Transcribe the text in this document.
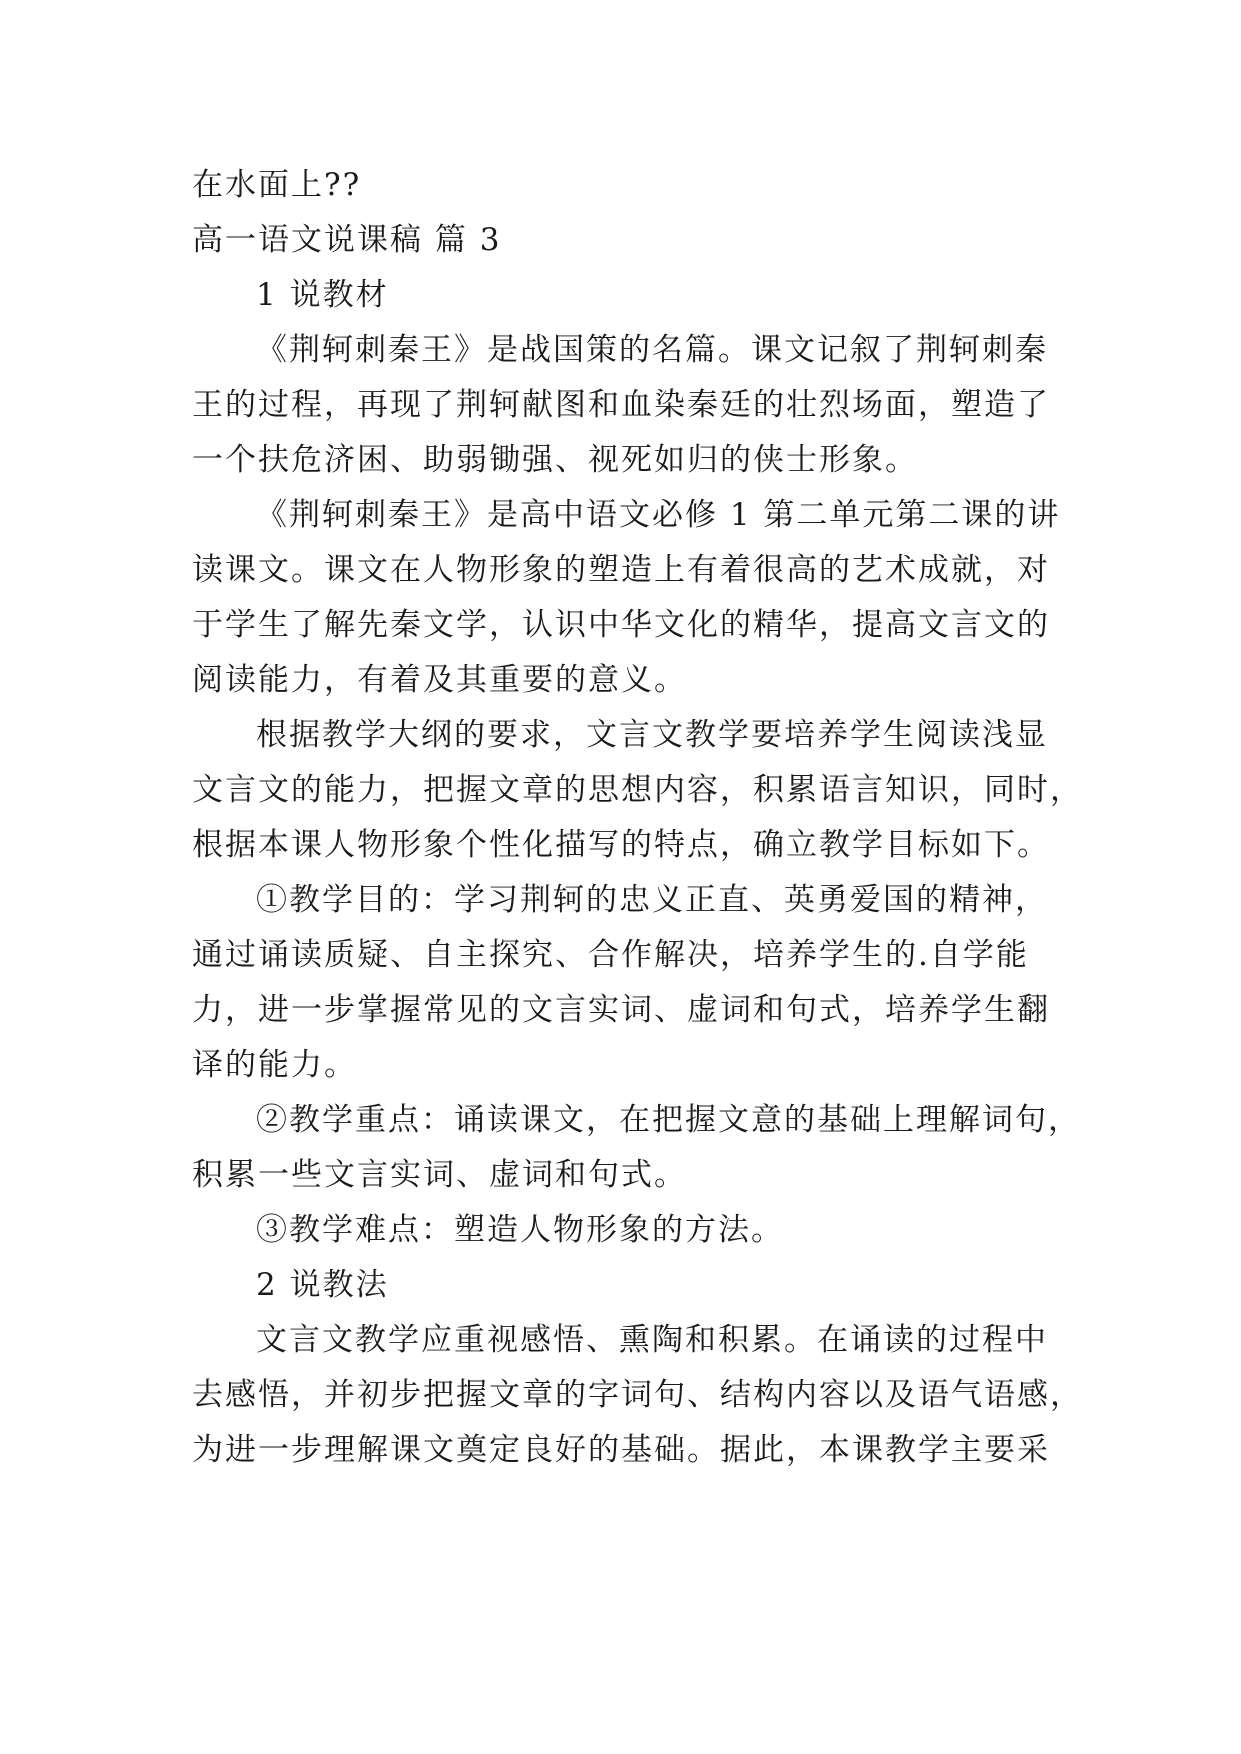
在水面上??
高一语文说课稿 篇 3
1 说教材
《荆轲刺秦王》是战国策的名篇。课文记叙了荆轲刺秦
王的过程，再现了荆轲献图和血染秦廷的壮烈场面，塑造了
一个扶危济困、助弱锄强、视死如归的侠士形象。
《荆轲刺秦王》是高中语文必修 1 第二单元第二课的讲
读课文。课文在人物形象的塑造上有着很高的艺术成就，对
于学生了解先秦文学，认识中华文化的精华，提高文言文的
阅读能力，有着及其重要的意义。
根据教学大纲的要求，文言文教学要培养学生阅读浅显
文言文的能力，把握文章的思想内容，积累语言知识，同时，
根据本课人物形象个性化描写的特点，确立教学目标如下。
①教学目的：学习荆轲的忠义正直、英勇爱国的精神，
通过诵读质疑、自主探究、合作解决，培养学生的.自学能
力，进一步掌握常见的文言实词、虚词和句式，培养学生翻
译的能力。
②教学重点：诵读课文，在把握文意的基础上理解词句，
积累一些文言实词、虚词和句式。
③教学难点：塑造人物形象的方法。
2 说教法
文言文教学应重视感悟、熏陶和积累。在诵读的过程中
去感悟，并初步把握文章的字词句、结构内容以及语气语感，
为进一步理解课文奠定良好的基础。据此，本课教学主要采
